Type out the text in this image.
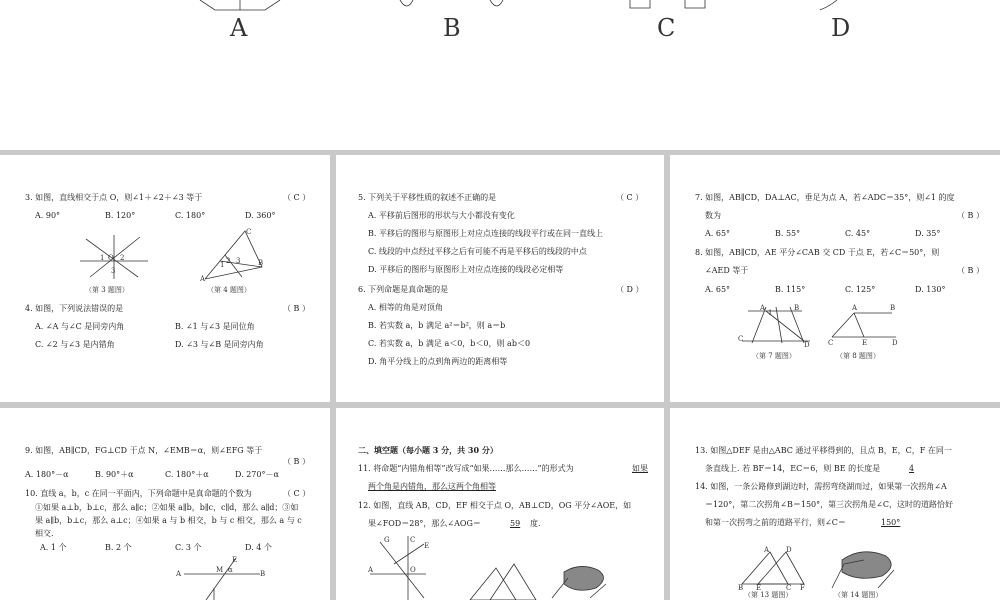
A	B	C	D
3. 如图，直线相交于点 O，则∠1＋∠2＋∠3 等于	（ C ）
A. 90°	B. 120°	C. 180°	D. 360°
1 O 2
3
（第 3 题图）
C
A
B
1 2 3
（第 4 题图）
4. 如图，下列说法错误的是	（ B ）
A. ∠A 与∠C 是同旁内角	B. ∠1 与∠3 是同位角
C. ∠2 与∠3 是内错角	D. ∠3 与∠B 是同旁内角
5. 下列关于平移性质的叙述不正确的是	（ C ）
A. 平移前后图形的形状与大小都没有变化
B. 平移后的图形与原图形上对应点连接的线段平行或在同一直线上
C. 线段的中点经过平移之后有可能不再是平移后的线段的中点
D. 平移后的图形与原图形上对应点连接的线段必定相等
6. 下列命题是真命题的是	（ D ）
A. 相等的角是对顶角
B. 若实数 a，b 满足 a²＝b²，则 a＝b
C. 若实数 a，b 满足 a＜0，b＜0，则 ab＜0
D. 角平分线上的点到角两边的距离相等
7. 如图，AB∥CD，DA⊥AC，垂足为点 A，若∠ADC＝35°，则∠1 的度
数为	（ B ）
A. 65°	B. 55°	C. 45°	D. 35°
8. 如图，AB∥CD，AE 平分∠CAB 交 CD 于点 E，若∠C＝50°，则
∠AED 等于	（ B ）
A. 65°	B. 115°	C. 125°	D. 130°
A
1
B
C
D
（第 7 题图）
A	B
C	E	D
（第 8 题图）
9. 如图，AB∥CD，FG⊥CD 于点 N，∠EMB＝α，则∠EFG 等于
（ B ）
A. 180°－α	B. 90°＋α	C. 180°＋α	D. 270°－α
10. 直线 a，b，c 在同一平面内，下列命题中是真命题的个数为	（ C ）
①如果 a⊥b，b⊥c，那么 a∥c；②如果 a∥b，b∥c，c∥d，那么 a∥d；③如
果 a∥b，b⊥c，那么 a⊥c；④如果 a 与 b 相交，b 与 c 相交，那么 a 与 c
相交.
A. 1 个	B. 2 个	C. 3 个	D. 4 个
A	B
E
M α
二、填空题（每小题 3 分，共 30 分）
11. 将命题“内错角相等”改写成“如果……那么……”的形式为	如果
两个角是内错角，那么这两个角相等
12. 如图，直线 AB，CD，EF 相交于点 O，AB⊥CD，OG 平分∠AOE，如
果∠FOD＝28°，那么∠AOG＝	59 度.
G	C
E
A	O
13. 如图△DEF 是由△ABC 通过平移得到的，且点 B，E，C，F 在同一
条直线上. 若 BF＝14，EC＝6，则 BE 的长度是	4
14. 如图，一条公路修到湖边时，需拐弯绕湖而过，如果第一次拐角∠A
＝120°，第二次拐角∠B＝150°，第三次拐角是∠C，这时的道路恰好
和第一次拐弯之前的道路平行，则∠C＝	150°
A D
B E	C F
（第 13 题图）	（第 14 题图）
